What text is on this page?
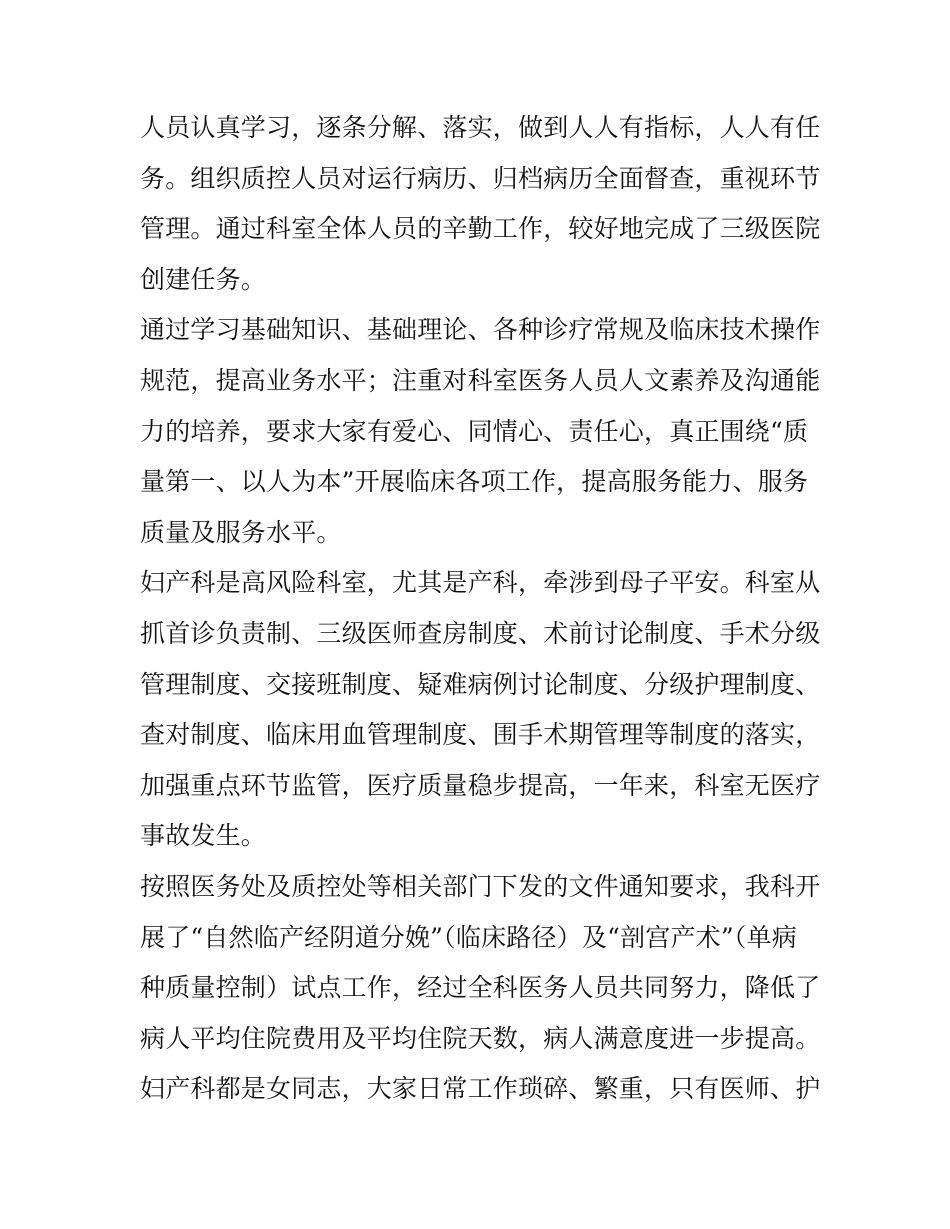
人员认真学习，逐条分解、落实，做到人人有指标，人人有任
务。组织质控人员对运行病历、归档病历全面督查，重视环节
管理。通过科室全体人员的辛勤工作，较好地完成了三级医院
创建任务。
通过学习基础知识、基础理论、各种诊疗常规及临床技术操作
规范，提高业务水平；注重对科室医务人员人文素养及沟通能
力的培养，要求大家有爱心、同情心、责任心，真正围绕“质
量第一、以人为本”开展临床各项工作，提高服务能力、服务
质量及服务水平。
妇产科是高风险科室，尤其是产科，牵涉到母子平安。科室从
抓首诊负责制、三级医师查房制度、术前讨论制度、手术分级
管理制度、交接班制度、疑难病例讨论制度、分级护理制度、
查对制度、临床用血管理制度、围手术期管理等制度的落实，
加强重点环节监管，医疗质量稳步提高，一年来，科室无医疗
事故发生。
按照医务处及质控处等相关部门下发的文件通知要求，我科开
展了“自然临产经阴道分娩”（临床路径）及“剖宫产术”（单病
种质量控制）试点工作，经过全科医务人员共同努力，降低了
病人平均住院费用及平均住院天数，病人满意度进一步提高。
妇产科都是女同志，大家日常工作琐碎、繁重，只有医师、护
